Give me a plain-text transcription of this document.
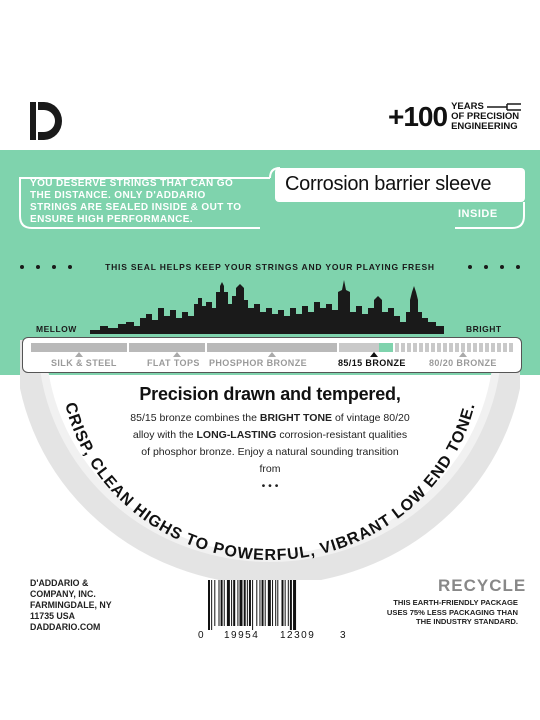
+100 YEARS
OF PRECISION
ENGINEERING
YOU DESERVE STRINGS THAT CAN GO THE DISTANCE. ONLY D'ADDARIO STRINGS ARE SEALED INSIDE & OUT TO ENSURE HIGH PERFORMANCE.
Corrosion barrier sleeve
INSIDE
THIS SEAL HELPS KEEP YOUR STRINGS AND YOUR PLAYING FRESH
MELLOW	BRIGHT
CRISP, CLEAN HIGHS TO POWERFUL, VIBRANT LOW END TONE.
SILK & STEEL	FLAT TOPS PHOSPHOR BRONZE	85/15 BRONZE	80/20 BRONZE
Precision drawn and tempered,
85/15 bronze combines the BRIGHT TONE of vintage 80/20 alloy with the LONG-LASTING corrosion-resistant qualities of phosphor bronze. Enjoy a natural sounding transition from
• • •
D'ADDARIO &
COMPANY, INC.
FARMINGDALE, NY
11735 USA
DADDARIO.COM
0 19954 12309 3
RECYCLE
THIS EARTH-FRIENDLY PACKAGE
USES 75% LESS PACKAGING THAN
THE INDUSTRY STANDARD.
